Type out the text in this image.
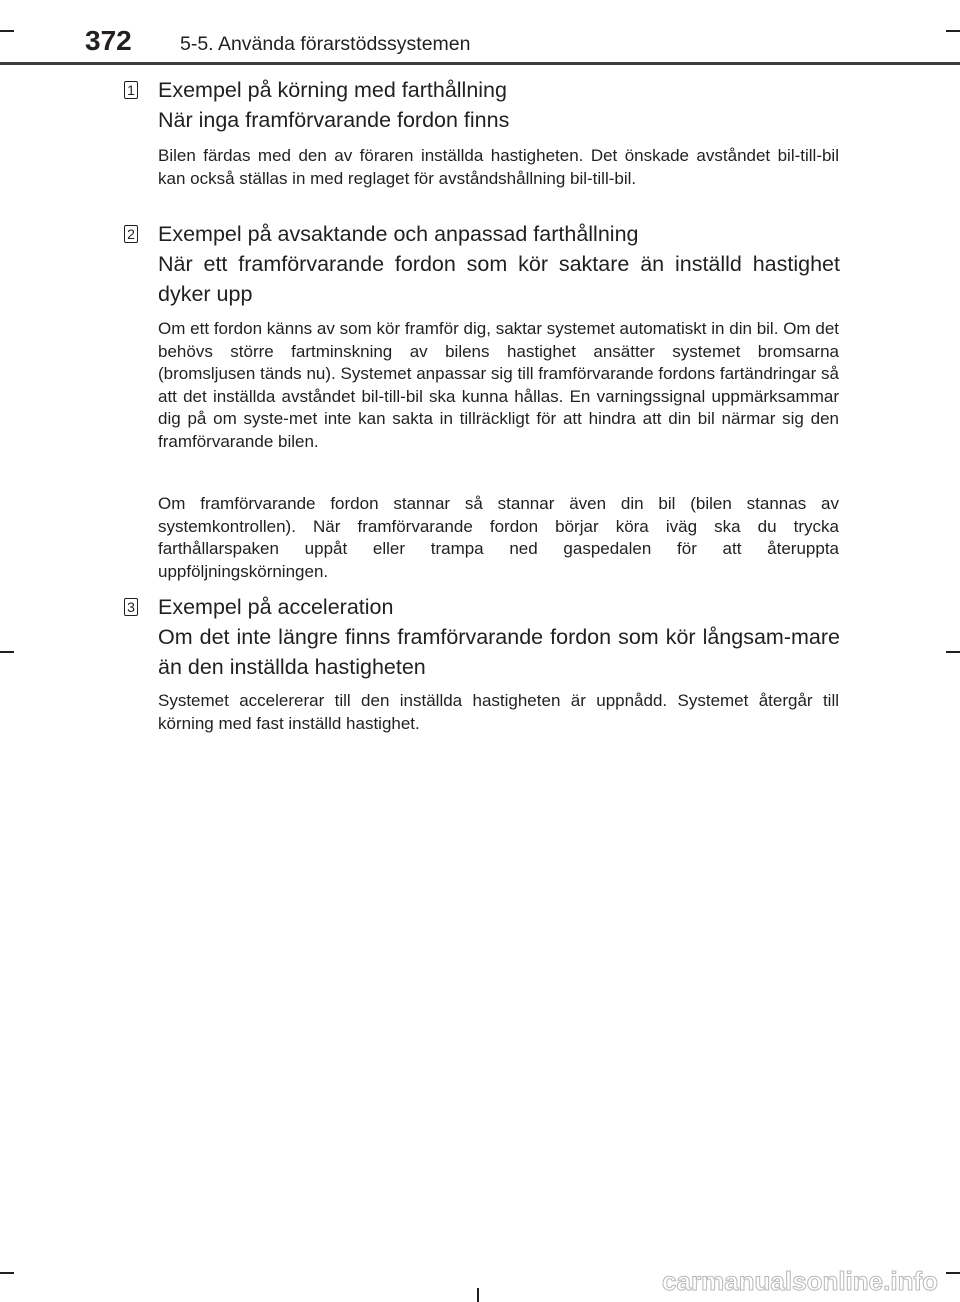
372 5-5. Använda förarstödssystemen
1 Exempel på körning med farthållning
När inga framförvarande fordon finns

Bilen färdas med den av föraren inställda hastigheten. Det önskade avståndet bil-till-bil kan också ställas in med reglaget för avståndshållning bil-till-bil.

2 Exempel på avsaktande och anpassad farthållning
När ett framförvarande fordon som kör saktare än inställd hastighet dyker upp

Om ett fordon känns av som kör framför dig, saktar systemet automatiskt in din bil. Om det behövs större fartminskning av bilens hastighet ansätter systemet bromsarna (bromsljusen tänds nu). Systemet anpassar sig till framförvarande fordons fartändringar så att det inställda avståndet bil-till-bil ska kunna hållas. En varningssignal uppmärksammar dig på om syste-met inte kan sakta in tillräckligt för att hindra att din bil närmar sig den framförvarande bilen.

Om framförvarande fordon stannar så stannar även din bil (bilen stannas av systemkontrollen). När framförvarande fordon börjar köra iväg ska du trycka farthållarspaken uppåt eller trampa ned gaspedalen för att återuppta uppföljningskörningen.

3 Exempel på acceleration
Om det inte längre finns framförvarande fordon som kör långsam-mare än den inställda hastigheten

Systemet accelererar till den inställda hastigheten är uppnådd. Systemet återgår till körning med fast inställd hastighet.

carmanualsonline.info
